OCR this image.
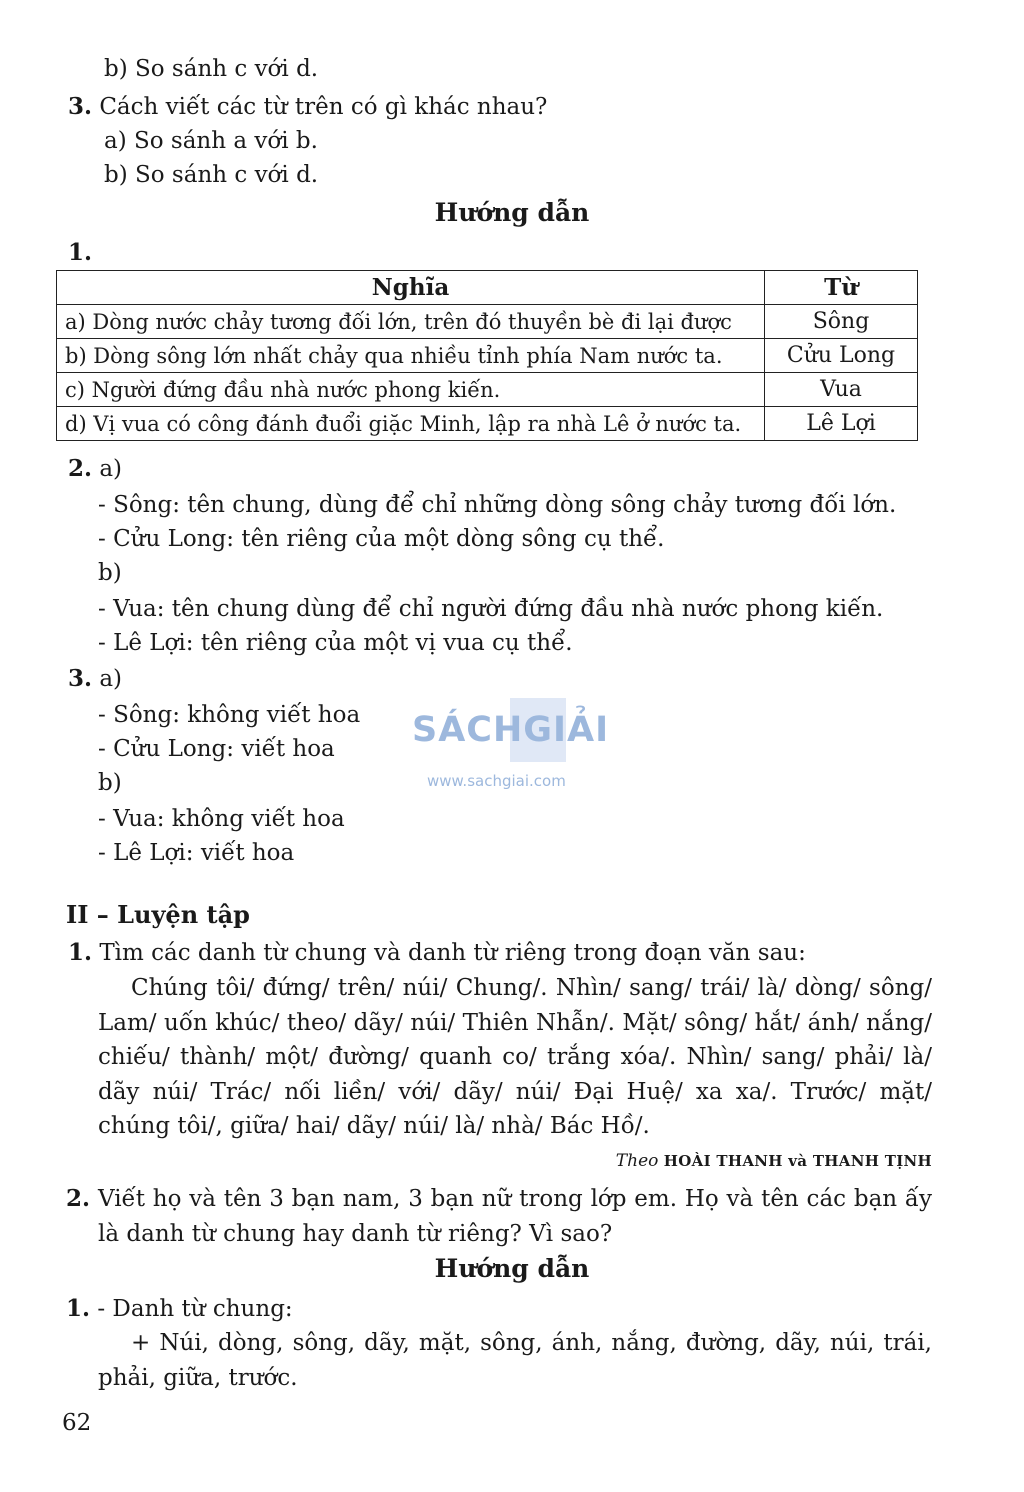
b) So sánh c với d.
3. Cách viết các từ trên có gì khác nhau?
a) So sánh a với b.
b) So sánh c với d.
Hướng dẫn
1.
Nghĩa	Từ
a) Dòng nước chảy tương đối lớn, trên đó thuyền bè đi lại được	Sông
b) Dòng sông lớn nhất chảy qua nhiều tỉnh phía Nam nước ta.	Cửu Long
c) Người đứng đầu nhà nước phong kiến.	Vua
d) Vị vua có công đánh đuổi giặc Minh, lập ra nhà Lê ở nước ta.	Lê Lợi
2. a)
- Sông: tên chung, dùng để chỉ những dòng sông chảy tương đối lớn.
- Cửu Long: tên riêng của một dòng sông cụ thể.
b)
- Vua: tên chung dùng để chỉ người đứng đầu nhà nước phong kiến.
- Lê Lợi: tên riêng của một vị vua cụ thể.
3. a)
- Sông: không viết hoa
- Cửu Long: viết hoa
b)
- Vua: không viết hoa
- Lê Lợi: viết hoa
SÁCHGIẢI
www.sachgiai.com
II – Luyện tập
1. Tìm các danh từ chung và danh từ riêng trong đoạn văn sau:
Chúng tôi/ đứng/ trên/ núi/ Chung/. Nhìn/ sang/ trái/ là/ dòng/ sông/ Lam/ uốn khúc/ theo/ dãy/ núi/ Thiên Nhẫn/. Mặt/ sông/ hắt/ ánh/ nắng/ chiếu/ thành/ một/ đường/ quanh co/ trắng xóa/. Nhìn/ sang/ phải/ là/ dãy núi/ Trác/ nối liền/ với/ dãy/ núi/ Đại Huệ/ xa xa/. Trước/ mặt/ chúng tôi/, giữa/ hai/ dãy/ núi/ là/ nhà/ Bác Hồ/.
Theo HOÀI THANH và THANH TỊNH
2. Viết họ và tên 3 bạn nam, 3 bạn nữ trong lớp em. Họ và tên các bạn ấy là danh từ chung hay danh từ riêng? Vì sao?
Hướng dẫn
1. - Danh từ chung:
+ Núi, dòng, sông, dãy, mặt, sông, ánh, nắng, đường, dãy, núi, trái, phải, giữa, trước.
62
